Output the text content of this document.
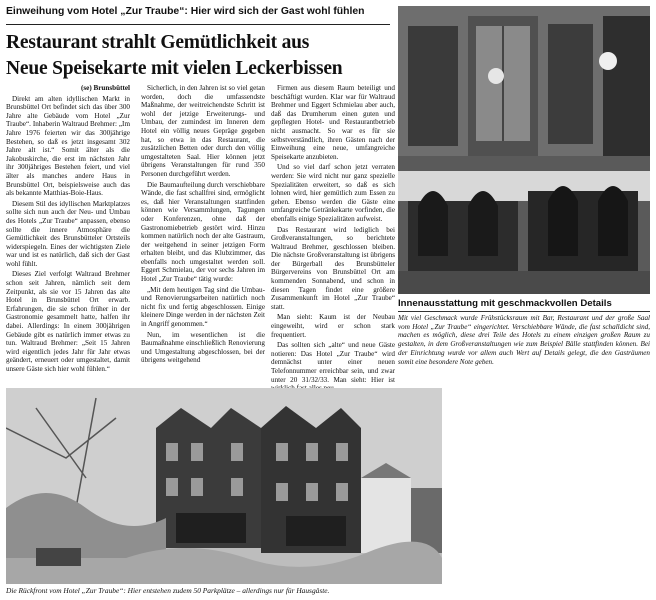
Einweihung vom Hotel „Zur Traube“: Hier wird sich der Gast wohl fühlen
Restaurant strahlt Gemütlichkeit aus
Neue Speisekarte mit vielen Leckerbissen

(se) Brunsbüttel

Direkt am alten idyllischen Markt in Brunsbüttel Ort befindet sich das über 300 Jahre alte Gebäude vom Hotel „Zur Traube“. Inhaberin Waltraud Brehmer: „Im Jahre 1976 feierten wir das 300jährige Bestehen, so daß es jetzt insgesamt 302 Jahre alt ist.“ Somit älter als die Jakobuskirche, die erst im nächsten Jahr ihr 300jähriges Bestehen feiert, und viel älter als manches andere Haus in Brunsbüttel Ort, beispielsweise auch das als bekannte Matthias-Boie-Haus.

Diesem Stil des idyllischen Marktplatzes sollte sich nun auch der Neu- und Umbau des Hotels „Zur Traube“ anpassen, ebenso sollte die innere Atmosphäre die Gemütlichkeit des Brunsbütteler Ortsteils widerspiegeln. Eines der wichtigsten Ziele war und ist es natürlich, daß sich der Gast wohl fühlt.

Dieses Ziel verfolgt Waltraud Brehmer schon seit Jahren, nämlich seit dem Zeitpunkt, als sie vor 15 Jahren das alte Hotel in Brunsbüttel Ort erwarb. Erfahrungen, die sie schon früher in der Gastronomie gesammelt hatte, halfen ihr dabei. Allerdings: In einem 300jährigen Gebäude gibt es natürlich immer etwas zu tun. Waltraud Brehmer: „Seit 15 Jahren wird eigentlich jedes Jahr für Jahr etwas geändert, erneuert oder umgestaltet, damit unsere Gäste sich hier wohl fühlen.“

Sicherlich, in den Jahren ist so viel getan worden, doch die umfassendste Maßnahme, der weitreichendste Schritt ist wohl der jetzige Erweiterungs- und Umbau, der zumindest im Inneren dem Hotel ein völlig neues Gepräge gegeben hat, so etwa in das Restaurant, die zusätzlichen Betten oder durch den völlig umgestalteten Saal. Hier können jetzt übrigens Veranstaltungen für rund 350 Personen durchgeführt werden.

Die Baumaufteilung durch verschiebbare Wände, die fast schallfrei sind, ermöglicht es, daß hier Veranstaltungen stattfinden können wie Versammlungen, Tagungen oder Konferenzen, ohne daß der Gastronomiebetrieb gestört wird. Hinzu kommen natürlich noch der alte Gastraum, der weitgehend in seiner jetzigen Form erhalten bleibt, und das Klubzimmer, das ebenfalls noch umgestaltet werden soll. Eggert Schmielau, der vor sechs Jahren im Hotel „Zur Traube“ tätig wurde:

„Mit dem heutigen Tag sind die Umbau- und Renovierungsarbeiten natürlich noch nicht fix und fertig abgeschlossen. Einige kleinere Dinge werden in der nächsten Zeit in Angriff genommen.“

Nun, im wesentlichen ist die Baumaßnahme einschließlich Renovierung und Umgestaltung abgeschlossen, bei der übrigens weitgehend

Firmen aus diesem Raum beteiligt und beschäftigt wurden. Klar war für Waltraud Brehmer und Eggert Schmielau aber auch, daß das Drumherum einen guten und gepflegten Hotel- und Restaurantbetrieb nicht ausmacht. So war es für sie selbstverständlich, ihren Gästen nach der Einweihung eine neue, umfangreiche Speisekarte anzubieten.

Und so viel darf schon jetzt verraten werden: Sie wird nicht nur ganz spezielle Spezialitäten erweitert, so daß es sich lohnen wird, hier gemütlich zum Essen zu gehen. Ebenso werden die Gäste eine umfangreiche Getränkekarte vorfinden, die ebenfalls einige Spezialitäten aufweist.

Das Restaurant wird lediglich bei Großveranstaltungen, so berichtete Waltraud Brehmer, geschlossen bleiben. Die nächste Großveranstaltung ist übrigens der Bürgerball des Brunsbütteler Bürgervereins von Brunsbüttel Ort am kommenden Sonnabend, und schon in diesen Tagen findet eine größere Zusammenkunft im Hotel „Zur Traube“ statt.

Man sieht: Kaum ist der Neubau eingeweiht, wird er schon stark frequentiert.

Das sollten sich „alte“ und neue Gäste notieren: Das Hotel „Zur Traube“ wird demnächst unter einer neuen Telefonnummer erreichbar sein, und zwar unter 20 31/32/33. Man sieht: Hier ist

Innenausstattung mit geschmackvollen Details
Mit viel Geschmack wurde Frühstücksraum mit Bar, Restaurant und der große Saal vom Hotel „Zur Traube“ eingerichtet. Verschiebbare Wände, die fast schalldicht sind, machen es möglich, diese drei Teile des Hotels zu einem einzigen großen Raum zu gestalten, in dem Großveranstaltungen wie zum Beispiel Bälle stattfinden können. Bei der Einrichtung wurde vor allem auch Wert auf Details gelegt, die den Gasträumen somit eine besondere Note geben.
Die Rückfront vom Hotel „Zur Traube“: Hier entstehen zudem 50 Parkplätze – allerdings nur für Hausgäste.
